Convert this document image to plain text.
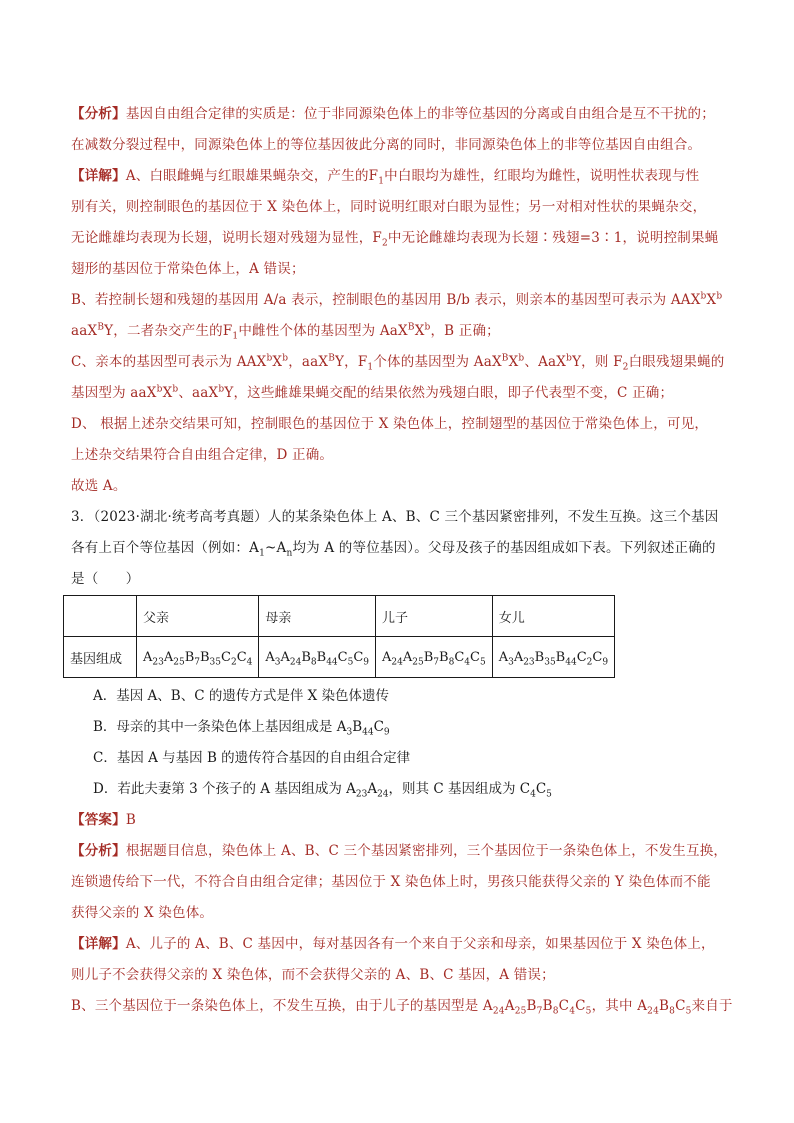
【分析】基因自由组合定律的实质是：位于非同源染色体上的非等位基因的分离或自由组合是互不干扰的；
在减数分裂过程中，同源染色体上的等位基因彼此分离的同时，非同源染色体上的非等位基因自由组合。
【详解】A、白眼雌蝇与红眼雄果蝇杂交，产生的$F_1$中白眼均为雄性，红眼均为雌性，说明性状表现与性
别有关，则控制眼色的基因位于 X 染色体上，同时说明红眼对白眼为显性；另一对相对性状的果蝇杂交，
无论雌雄均表现为长翅，说明长翅对残翅为显性，$F_2$中无论雌雄均表现为长翅∶残翅=3∶1，说明控制果蝇
翅形的基因位于常染色体上，A 错误；
B、若控制长翅和残翅的基因用 A/a 表示，控制眼色的基因用 B/b 表示，则亲本的基因型可表示为 $AAX^bX^b$
aaX$^B$Y，二者杂交产生的$F_1$中雌性个体的基因型为 $AaX^BX^b$，B 正确；
C、亲本的基因型可表示为 $AAX^bX^b$，aaX$^B$Y，$F_1$个体的基因型为 $AaX^BX^b$、AaX$^b$Y，则 $F_2$白眼残翅果蝇的
基因型为 $aaX^bX^b$、aaX$^b$Y，这些雌雄果蝇交配的结果依然为残翅白眼，即子代表型不变，C 正确；
D、 根据上述杂交结果可知，控制眼色的基因位于 X 染色体上，控制翅型的基因位于常染色体上，可见，
上述杂交结果符合自由组合定律，D 正确。
故选 A。
3．（2023·湖北·统考高考真题）人的某条染色体上 A、B、C 三个基因紧密排列，不发生互换。这三个基因
各有上百个等位基因（例如：$A_1\sim A_n$均为 A 的等位基因）。父母及孩子的基因组成如下表。下列叙述正确的
是（　　）
	父亲	母亲	儿子	女儿
基因组成	$A_{23}A_{25}B_7B_{35}C_2C_4$	$A_3A_{24}B_8B_{44}C_5C_9$	$A_{24}A_{25}B_7B_8C_4C_5$	$A_3A_{23}B_{35}B_{44}C_2C_9$
A．基因 A、B、C 的遗传方式是伴 X 染色体遗传
B．母亲的其中一条染色体上基因组成是 $A_3B_{44}C_9$
C．基因 A 与基因 B 的遗传符合基因的自由组合定律
D．若此夫妻第 3 个孩子的 A 基因组成为 $A_{23}A_{24}$，则其 C 基因组成为 $C_4C_5$
【答案】B
【分析】根据题目信息，染色体上 A、B、C 三个基因紧密排列，三个基因位于一条染色体上，不发生互换，
连锁遗传给下一代，不符合自由组合定律；基因位于 X 染色体上时，男孩只能获得父亲的 Y 染色体而不能
获得父亲的 X 染色体。
【详解】A、儿子的 A、B、C 基因中，每对基因各有一个来自于父亲和母亲，如果基因位于 X 染色体上，
则儿子不会获得父亲的 X 染色体，而不会获得父亲的 A、B、C 基因，A 错误；
B、三个基因位于一条染色体上，不发生互换，由于儿子的基因型是 $A_{24}A_{25}B_7B_8C_4C_5$，其中 $A_{24}B_8C_5$来自于
